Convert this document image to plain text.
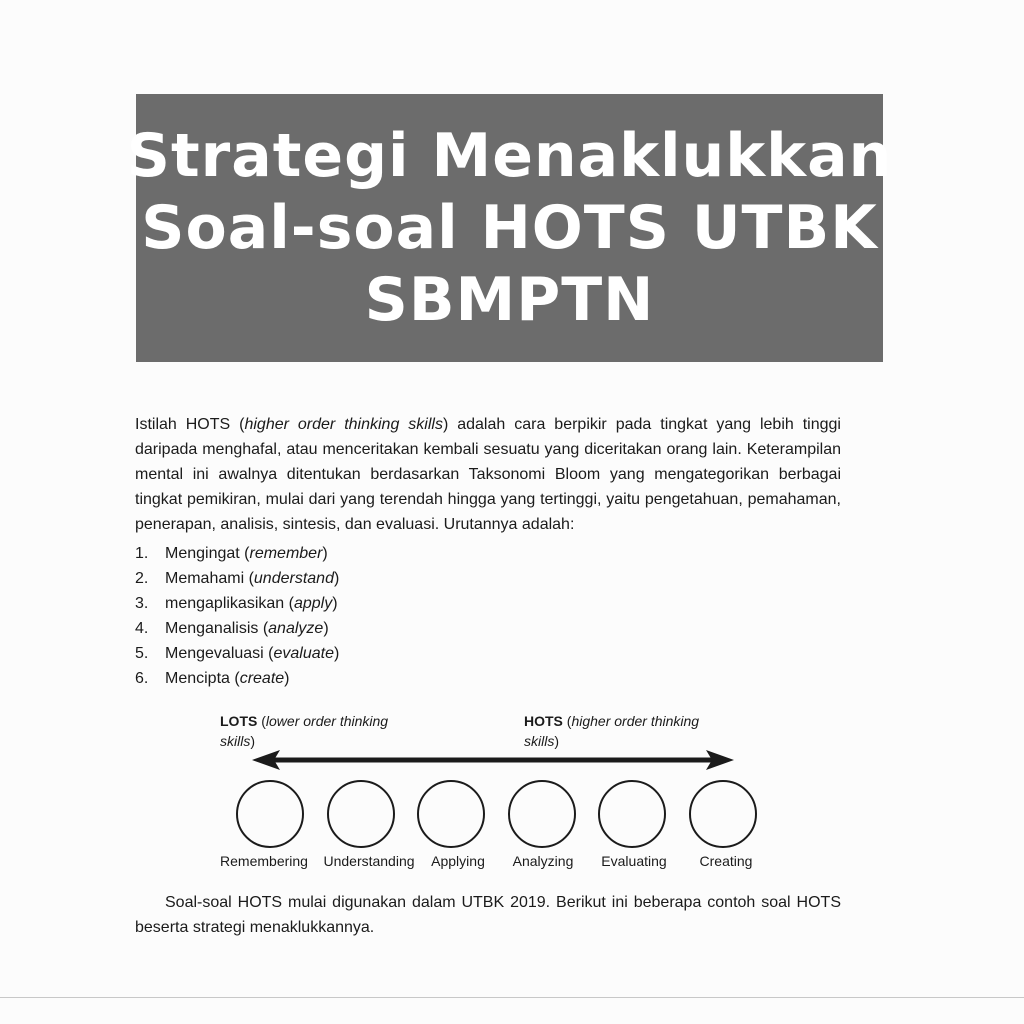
Strategi Menaklukkan
Soal-soal HOTS UTBK
SBMPTN

Istilah HOTS (higher order thinking skills) adalah cara berpikir pada tingkat yang lebih tinggi daripada menghafal, atau menceritakan kembali sesuatu yang diceritakan orang lain. Keterampilan mental ini awalnya ditentukan berdasarkan Taksonomi Bloom yang mengategorikan berbagai tingkat pemikiran, mulai dari yang terendah hingga yang tertinggi, yaitu pengetahuan, pemahaman, penerapan, analisis, sintesis, dan evaluasi. Urutannya adalah:

1. Mengingat (remember)
2. Memahami (understand)
3. mengaplikasikan (apply)
4. Menganalisis (analyze)
5. Mengevaluasi (evaluate)
6. Mencipta (create)
LOTS (lower order thinking
skills)
HOTS (higher order thinking
skills)
Remembering Understanding Applying Analyzing Evaluating Creating

Soal-soal HOTS mulai digunakan dalam UTBK 2019. Berikut ini beberapa contoh soal HOTS beserta strategi menaklukkannya.
